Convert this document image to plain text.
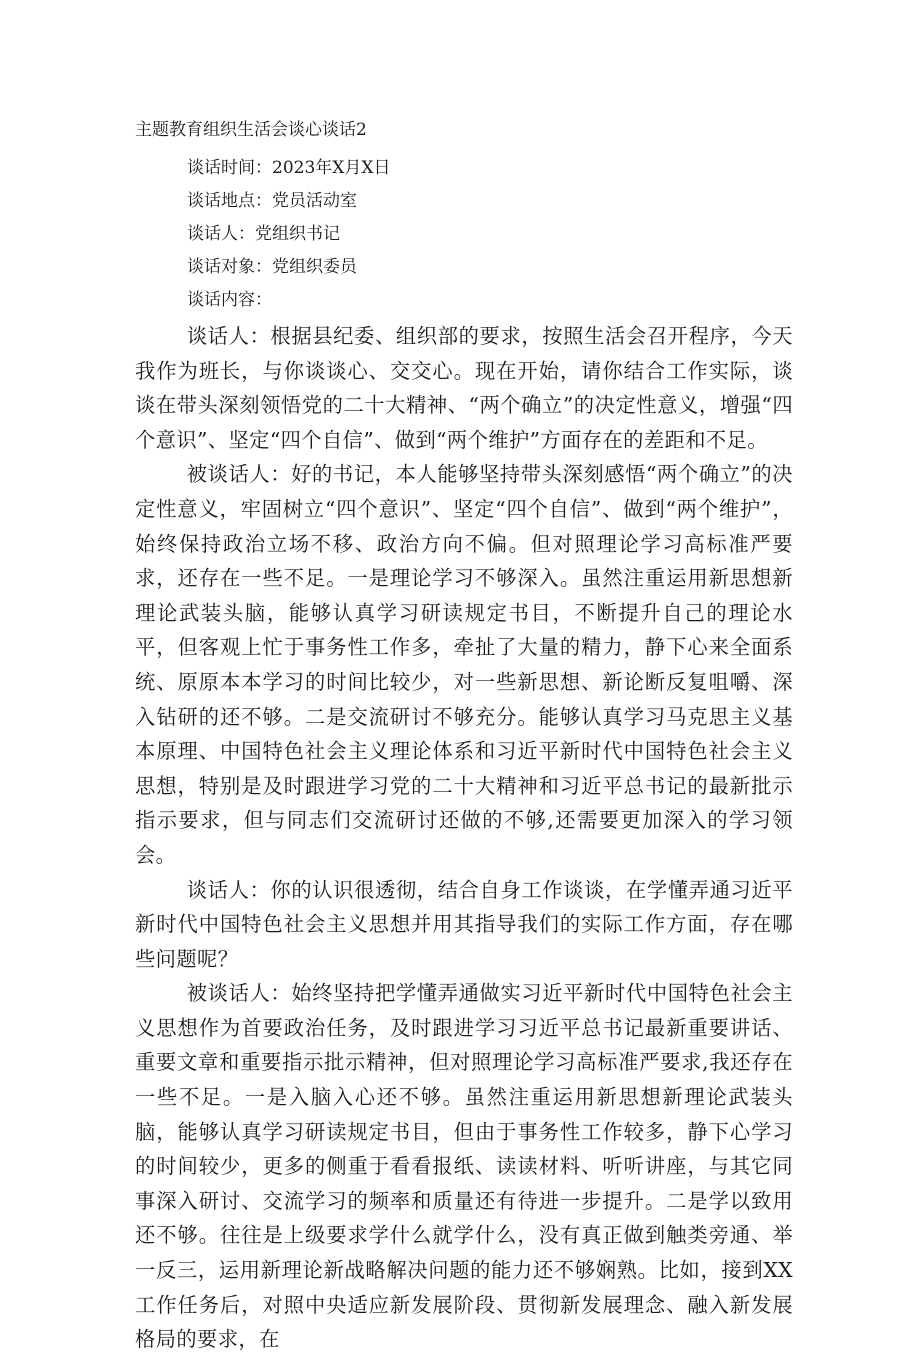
主题教育组织生活会谈心谈话2

谈话时间：2023年X月X日

谈话地点：党员活动室

谈话人：党组织书记

谈话对象：党组织委员

谈话内容：

谈话人：根据县纪委、组织部的要求，按照生活会召开程序，今天我作为班长，与你谈谈心、交交心。现在开始，请你结合工作实际，谈谈在带头深刻领悟党的二十大精神、“两个确立”的决定性意义，增强“四个意识”、坚定“四个自信”、做到“两个维护”方面存在的差距和不足。

被谈话人：好的书记，本人能够坚持带头深刻感悟“两个确立”的决定性意义，牢固树立“四个意识”、坚定“四个自信”、做到“两个维护”，始终保持政治立场不移、政治方向不偏。但对照理论学习高标准严要求，还存在一些不足。一是理论学习不够深入。虽然注重运用新思想新理论武装头脑，能够认真学习研读规定书目，不断提升自己的理论水平，但客观上忙于事务性工作多，牵扯了大量的精力，静下心来全面系统、原原本本学习的时间比较少，对一些新思想、新论断反复咀嚼、深入钻研的还不够。二是交流研讨不够充分。能够认真学习马克思主义基本原理、中国特色社会主义理论体系和习近平新时代中国特色社会主义思想，特别是及时跟进学习党的二十大精神和习近平总书记的最新批示指示要求，但与同志们交流研讨还做的不够,还需要更加深入的学习领会。

谈话人：你的认识很透彻，结合自身工作谈谈，在学懂弄通习近平新时代中国特色社会主义思想并用其指导我们的实际工作方面，存在哪些问题呢？

被谈话人：始终坚持把学懂弄通做实习近平新时代中国特色社会主义思想作为首要政治任务，及时跟进学习习近平总书记最新重要讲话、重要文章和重要指示批示精神，但对照理论学习高标准严要求,我还存在一些不足。一是入脑入心还不够。虽然注重运用新思想新理论武装头脑，能够认真学习研读规定书目，但由于事务性工作较多，静下心学习的时间较少，更多的侧重于看看报纸、读读材料、听听讲座，与其它同事深入研讨、交流学习的频率和质量还有待进一步提升。二是学以致用还不够。往往是上级要求学什么就学什么，没有真正做到触类旁通、举一反三，运用新理论新战略解决问题的能力还不够娴熟。比如，接到XX工作任务后，对照中央适应新发展阶段、贯彻新发展理念、融入新发展格局的要求，在
